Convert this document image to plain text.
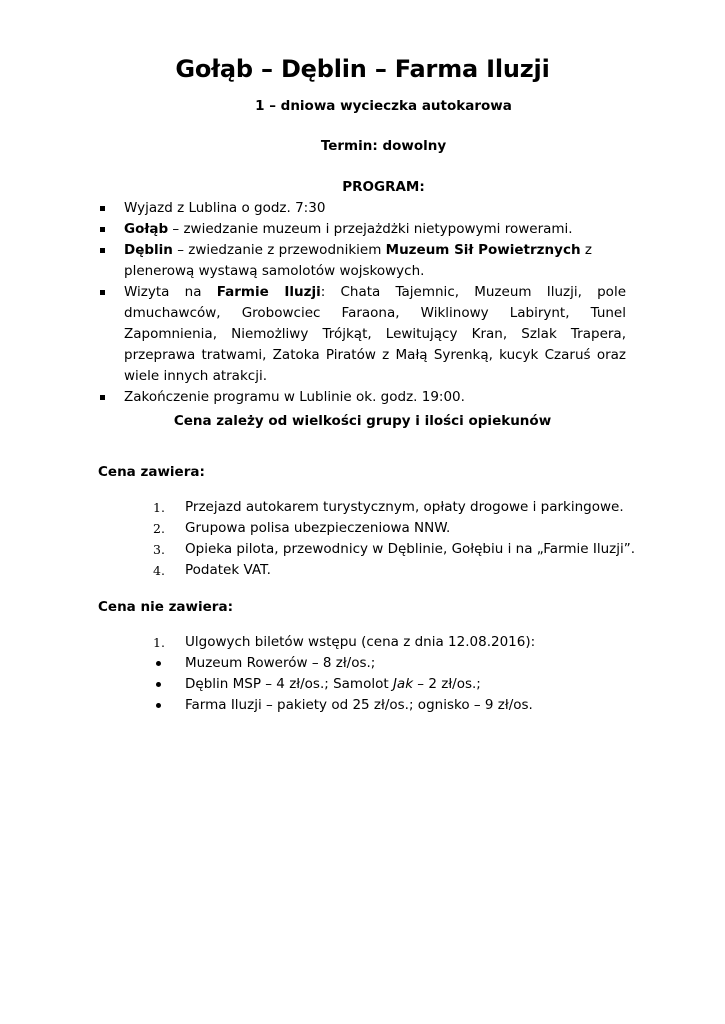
Gołąb – Dęblin – Farma Iluzji
1 – dniowa wycieczka autokarowa
Termin: dowolny
PROGRAM:
Wyjazd z Lublina o godz. 7:30
Gołąb – zwiedzanie muzeum i przejażdżki nietypowymi rowerami.
Dęblin – zwiedzanie z przewodnikiem Muzeum Sił Powietrznych z plenerową wystawą samolotów wojskowych.
Wizyta na Farmie Iluzji: Chata Tajemnic, Muzeum Iluzji, pole dmuchawców, Grobowciec Faraona, Wiklinowy Labirynt, Tunel Zapomnienia, Niemożliwy Trójkąt, Lewitujący Kran, Szlak Trapera, przeprawa tratwami, Zatoka Piratów z Małą Syrenką, kucyk Czaruś oraz wiele innych atrakcji.
Zakończenie programu w Lublinie ok. godz. 19:00.
Cena zależy od wielkości grupy i ilości opiekunów
Cena zawiera:
1. Przejazd autokarem turystycznym, opłaty drogowe i parkingowe.
2. Grupowa polisa ubezpieczeniowa NNW.
3. Opieka pilota, przewodnicy w Dęblinie, Gołębiu i na „Farmie Iluzji”.
4. Podatek VAT.
Cena nie zawiera:
1. Ulgowych biletów wstępu (cena z dnia 12.08.2016):
Muzeum Rowerów – 8 zł/os.;
Dęblin MSP – 4 zł/os.; Samolot Jak – 2 zł/os.;
Farma Iluzji – pakiety od 25 zł/os.; ognisko – 9 zł/os.
